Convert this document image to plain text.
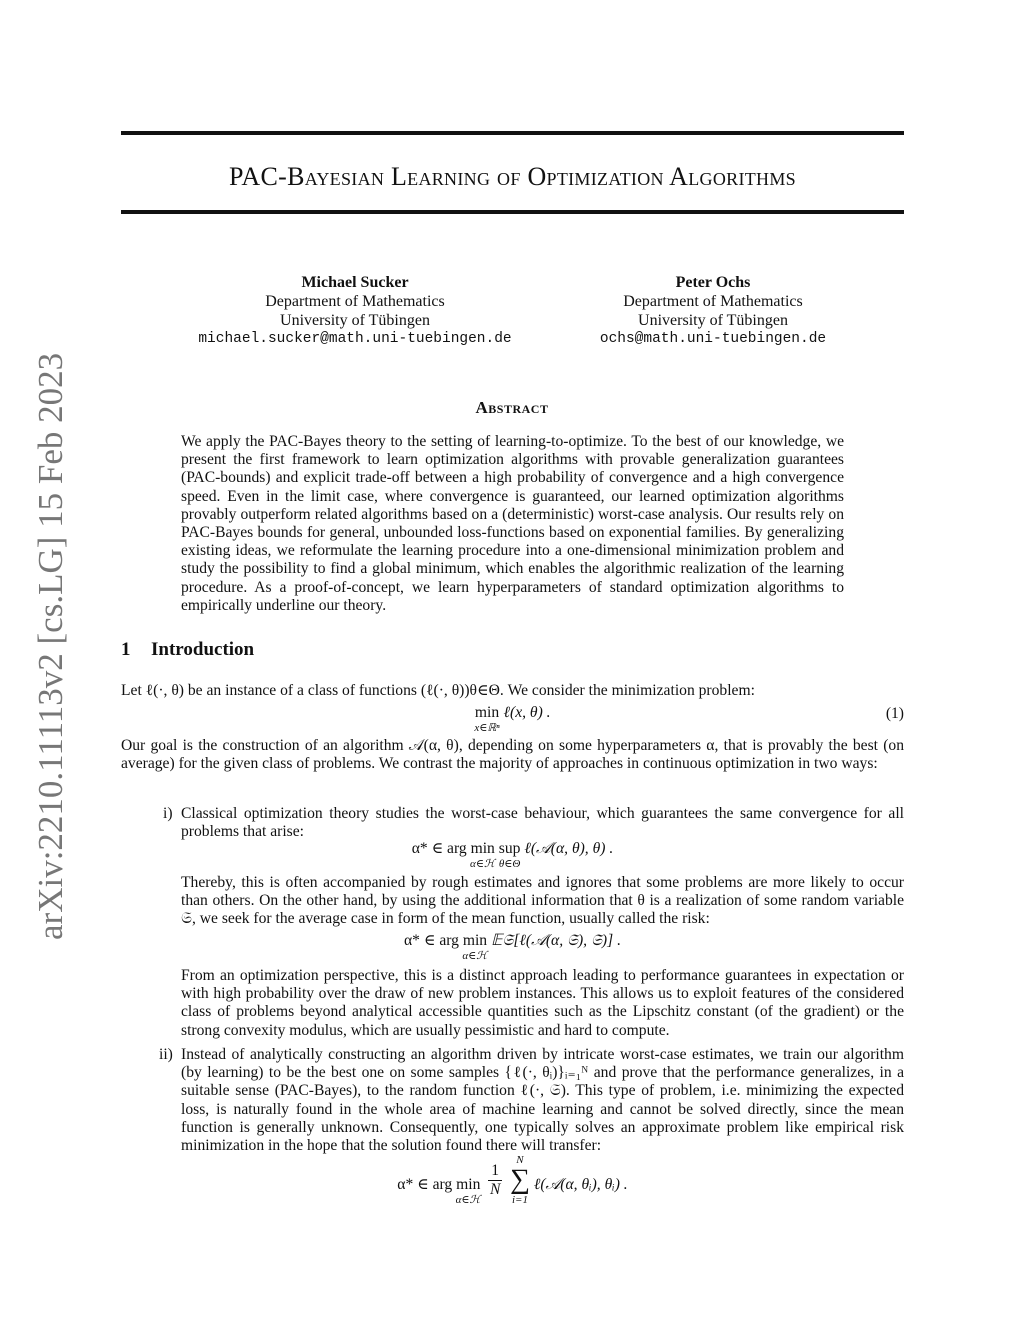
PAC-Bayesian Learning of Optimization Algorithms
arXiv:2210.11113v2 [cs.LG] 15 Feb 2023
Michael Sucker
Department of Mathematics
University of Tübingen
michael.sucker@math.uni-tuebingen.de
Peter Ochs
Department of Mathematics
University of Tübingen
ochs@math.uni-tuebingen.de
Abstract
We apply the PAC-Bayes theory to the setting of learning-to-optimize. To the best of our knowledge, we present the first framework to learn optimization algorithms with provable generalization guarantees (PAC-bounds) and explicit trade-off between a high probability of convergence and a high convergence speed. Even in the limit case, where convergence is guaranteed, our learned optimization algorithms provably outperform related algorithms based on a (deterministic) worst-case analysis. Our results rely on PAC-Bayes bounds for general, unbounded loss-functions based on exponential families. By generalizing existing ideas, we reformulate the learning procedure into a one-dimensional minimization problem and study the possibility to find a global minimum, which enables the algorithmic realization of the learning procedure. As a proof-of-concept, we learn hyperparameters of standard optimization algorithms to empirically underline our theory.
1 Introduction
Let ℓ(·, θ) be an instance of a class of functions (ℓ(·, θ))θ∈Θ. We consider the minimization problem:
min
x∈ℝⁿ
ℓ(x, θ) .	(1)
Our goal is the construction of an algorithm 𝒜(α, θ), depending on some hyperparameters α, that is provably the best (on average) for the given class of problems. We contrast the majority of approaches in continuous optimization in two ways:
i) Classical optimization theory studies the worst-case behaviour, which guarantees the same convergence for all problems that arise:
α* ∈ arg min
α∈ℋ
sup
θ∈Θ
ℓ(𝒜(α, θ), θ) .
Thereby, this is often accompanied by rough estimates and ignores that some problems are more likely to occur than others. On the other hand, by using the additional information that θ is a realization of some random variable 𝔖, we seek for the average case in form of the mean function, usually called the risk:
α* ∈ arg min
α∈ℋ
𝔼𝔖[ℓ(𝒜(α, 𝔖), 𝔖)] .
From an optimization perspective, this is a distinct approach leading to performance guarantees in expectation or with high probability over the draw of new problem instances. This allows us to exploit features of the considered class of problems beyond analytical accessible quantities such as the Lipschitz constant (of the gradient) or the strong convexity modulus, which are usually pessimistic and hard to compute.
ii) Instead of analytically constructing an algorithm driven by intricate worst-case estimates, we train our algorithm (by learning) to be the best one on some samples {ℓ(·, θᵢ)}ᵢ₌₁ᴺ and prove that the performance generalizes, in a suitable sense (PAC-Bayes), to the random function ℓ(·, 𝔖). This type of problem, i.e. minimizing the expected loss, is naturally found in the whole area of machine learning and cannot be solved directly, since the mean function is generally unknown. Consequently, one typically solves an approximate problem like empirical risk minimization in the hope that the solution found there will transfer:
α* ∈ arg min
α∈ℋ

$\frac{1}{N}$

N
∑
i=1
ℓ(𝒜(α, θᵢ), θᵢ) .
